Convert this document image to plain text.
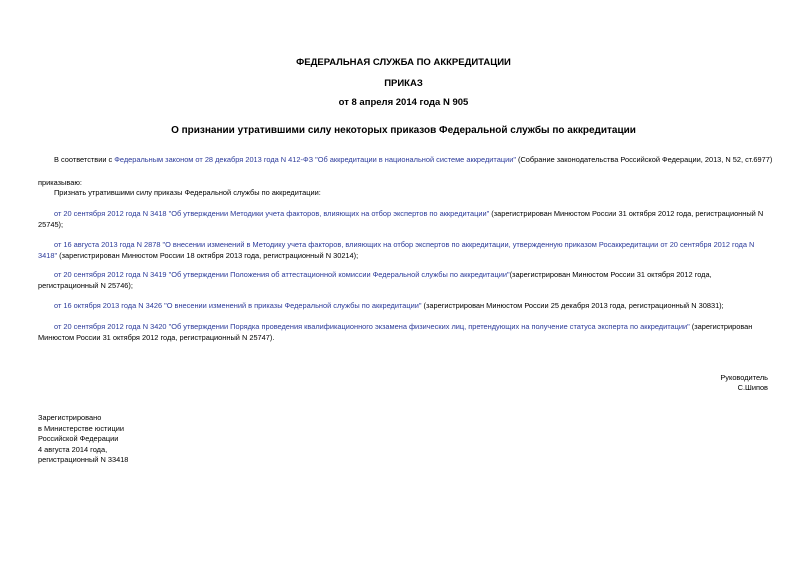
ФЕДЕРАЛЬНАЯ СЛУЖБА ПО АККРЕДИТАЦИИ
ПРИКАЗ
от 8 апреля 2014 года N 905
О признании утратившими силу некоторых приказов Федеральной службы по аккредитации
В соответствии с Федеральным законом от 28 декабря 2013 года N 412-ФЗ "Об аккредитации в национальной системе аккредитации" (Собрание законодательства Российской Федерации, 2013, N 52, ст.6977)
приказываю:
Признать утратившими силу приказы Федеральной службы по аккредитации:
от 20 сентября 2012 года N 3418 "Об утверждении Методики учета факторов, влияющих на отбор экспертов по аккредитации" (зарегистрирован Минюстом России 31 октября 2012 года, регистрационный N 25745);
от 16 августа 2013 года N 2878 "О внесении изменений в Методику учета факторов, влияющих на отбор экспертов по аккредитации, утвержденную приказом Росаккредитации от 20 сентября 2012 года N 3418" (зарегистрирован Минюстом России 18 октября 2013 года, регистрационный N 30214);
от 20 сентября 2012 года N 3419 "Об утверждении Положения об аттестационной комиссии Федеральной службы по аккредитации"(зарегистрирован Минюстом России 31 октября 2012 года, регистрационный N 25746);
от 16 октября 2013 года N 3426 "О внесении изменений в приказы Федеральной службы по аккредитации" (зарегистрирован Минюстом России 25 декабря 2013 года, регистрационный N 30831);
от 20 сентября 2012 года N 3420 "Об утверждении Порядка проведения квалификационного экзамена физических лиц, претендующих на получение статуса эксперта по аккредитации" (зарегистрирован Минюстом России 31 октября 2012 года, регистрационный N 25747).
Руководитель
С.Шипов
Зарегистрировано
в Министерстве юстиции
Российской Федерации
4 августа 2014 года,
регистрационный N 33418
